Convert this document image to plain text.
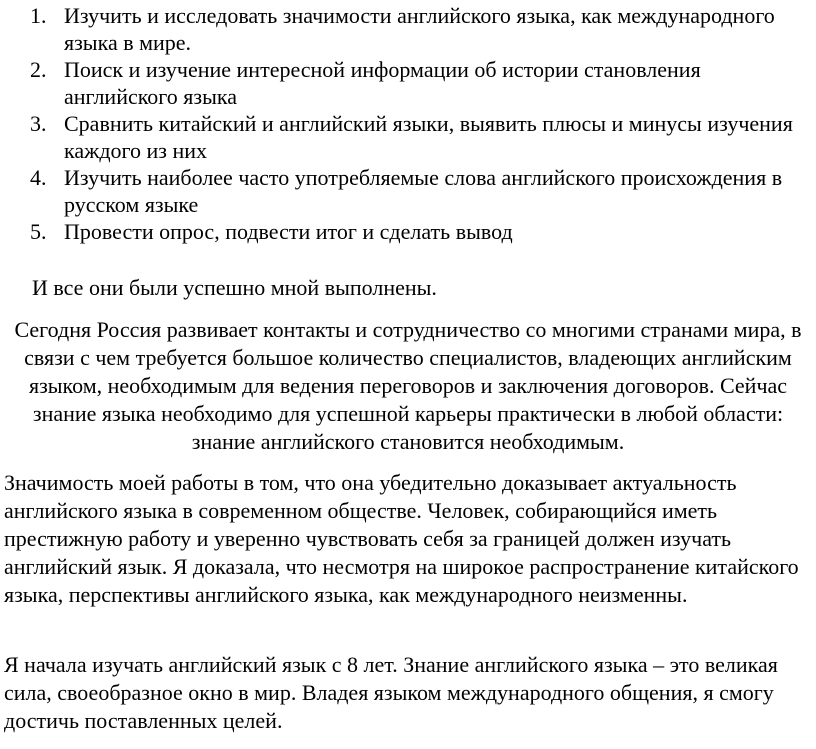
1. Изучить и исследовать значимости английского языка, как международного языка в мире.
2. Поиск и изучение интересной информации об истории становления английского языка
3. Сравнить китайский и английский языки, выявить плюсы и минусы изучения каждого из них
4. Изучить наиболее часто употребляемые слова английского происхождения в русском языке
5. Провести опрос, подвести итог и сделать вывод

И все они были успешно мной выполнены.

Сегодня Россия развивает контакты и сотрудничество со многими странами мира, в связи с чем требуется большое количество специалистов, владеющих английским языком, необходимым для ведения переговоров и заключения договоров. Сейчас знание языка необходимо для успешной карьеры практически в любой области: знание английского становится необходимым.

Значимость моей работы в том, что она убедительно доказывает актуальность английского языка в современном обществе. Человек, собирающийся иметь престижную работу и уверенно чувствовать себя за границей должен изучать английский язык. Я доказала, что несмотря на широкое распространение китайского языка, перспективы английского языка, как международного неизменны.

Я начала изучать английский язык с 8 лет. Знание английского языка – это великая сила, своеобразное окно в мир. Владея языком международного общения, я смогу достичь поставленных целей.
